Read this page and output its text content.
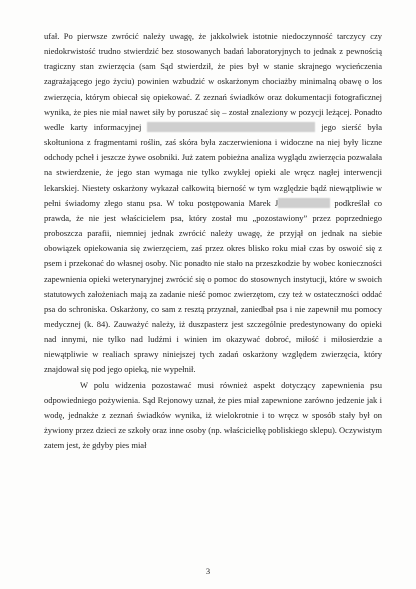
ufał. Po pierwsze zwrócić należy uwagę, że jakkolwiek istotnie niedoczynność tarczycy czy niedokrwistość trudno stwierdzić bez stosowanych badań laboratoryjnych to jednak z pewnością tragiczny stan zwierzęcia (sam Sąd stwierdził, że pies był w stanie skrajnego wycieńczenia zagrażającego jego życiu) powinien wzbudzić w oskarżonym chociażby minimalną obawę o los zwierzęcia, którym obiecał się opiekować. Z zeznań świadków oraz dokumentacji fotograficznej wynika, że pies nie miał nawet siły by poruszać się – został znaleziony w pozycji leżącej. Ponadto wedle karty informacyjnej	jego sierść była skołtuniona z fragmentami roślin, zaś skóra była zaczerwieniona i widoczne na niej były liczne odchody pcheł i jeszcze żywe osobniki. Już zatem pobieżna analiza wyglądu zwierzęcia pozwalała na stwierdzenie, że jego stan wymaga nie tylko zwykłej opieki ale wręcz nagłej interwencji lekarskiej. Niestety oskarżony wykazał całkowitą bierność w tym względzie bądź niewątpliwie w pełni świadomy złego stanu psa. W toku postępowania Marek J	podkreślał co prawda, że nie jest właścicielem psa, który został mu „pozostawiony” przez poprzedniego proboszcza parafii, niemniej jednak zwrócić należy uwagę, że przyjął on jednak na siebie obowiązek opiekowania się zwierzęciem, zaś przez okres blisko roku miał czas by oswoić się z psem i przekonać do własnej osoby. Nic ponadto nie stało na przeszkodzie by wobec konieczności zapewnienia opieki weterynaryjnej zwrócić się o pomoc do stosownych instytucji, które w swoich statutowych założeniach mają za zadanie nieść pomoc zwierzętom, czy też w ostateczności oddać psa do schroniska. Oskarżony, co sam z resztą przyznał, zaniedbał psa i nie zapewnił mu pomocy medycznej (k. 84). Zauważyć należy, iż duszpasterz jest szczególnie predestynowany do opieki nad innymi, nie tylko nad ludźmi i winien im okazywać dobroć, miłość i miłosierdzie a niewątpliwie w realiach sprawy niniejszej tych zadań oskarżony względem zwierzęcia, który znajdował się pod jego opieką, nie wypełnił.

W polu widzenia pozostawać musi również aspekt dotyczący zapewnienia psu odpowiedniego pożywienia. Sąd Rejonowy uznał, że pies miał zapewnione zarówno jedzenie jak i wodę, jednakże z zeznań świadków wynika, iż wielokrotnie i to wręcz w sposób stały był on żywiony przez dzieci ze szkoły oraz inne osoby (np. właścicielkę pobliskiego sklepu). Oczywistym zatem jest, że gdyby pies miał

3
